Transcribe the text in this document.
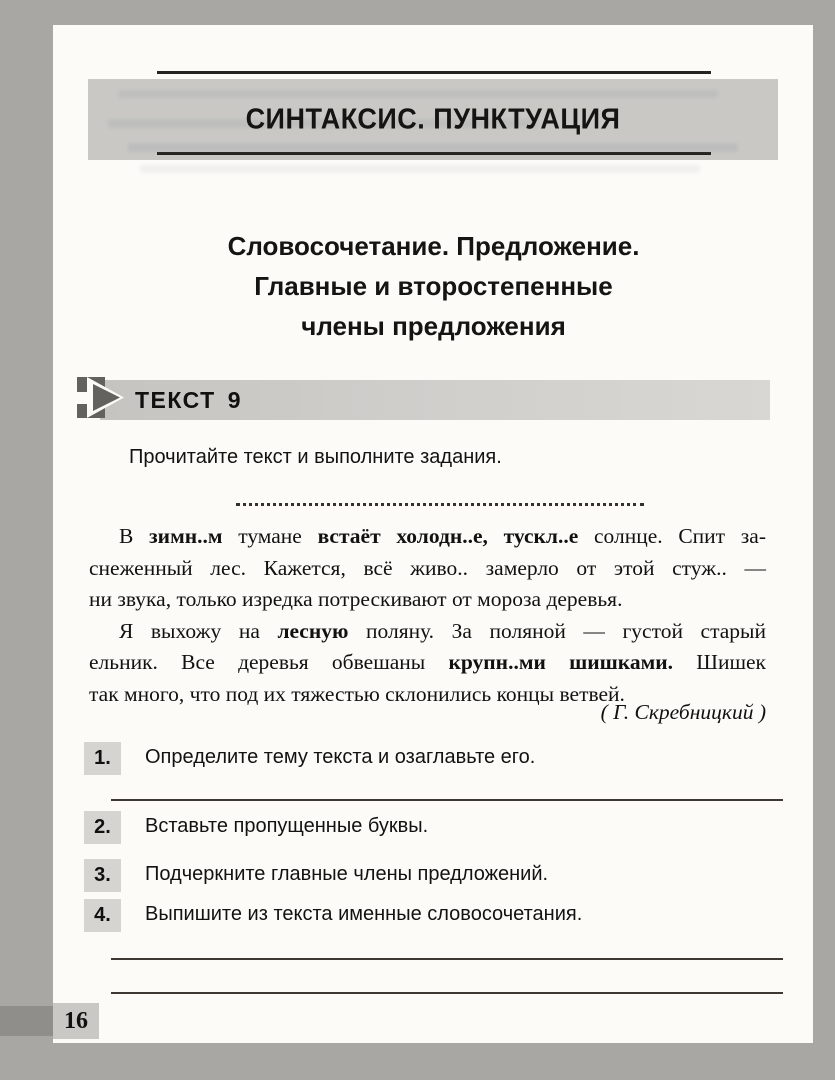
СИНТАКСИС. ПУНКТУАЦИЯ
Словосочетание. Предложение.
Главные и второстепенные
члены предложения
ТЕКСТ 9
Прочитайте текст и выполните задания.
В зимн..м тумане встаёт холодн..е, тускл..е солнце. Спит за-
снеженный лес. Кажется, всё живо.. замерло от этой стуж.. —
ни звука, только изредка потрескивают от мороза деревья.
Я выхожу на лесную поляну. За поляной — густой старый
ельник. Все деревья обвешаны крупн..ми шишками. Шишек
так много, что под их тяжестью склонились концы ветвей.
( Г. Скребницкий )
1.	Определите тему текста и озаглавьте его.
2.	Вставьте пропущенные буквы.
3.	Подчеркните главные члены предложений.
4.	Выпишите из текста именные словосочетания.
16
